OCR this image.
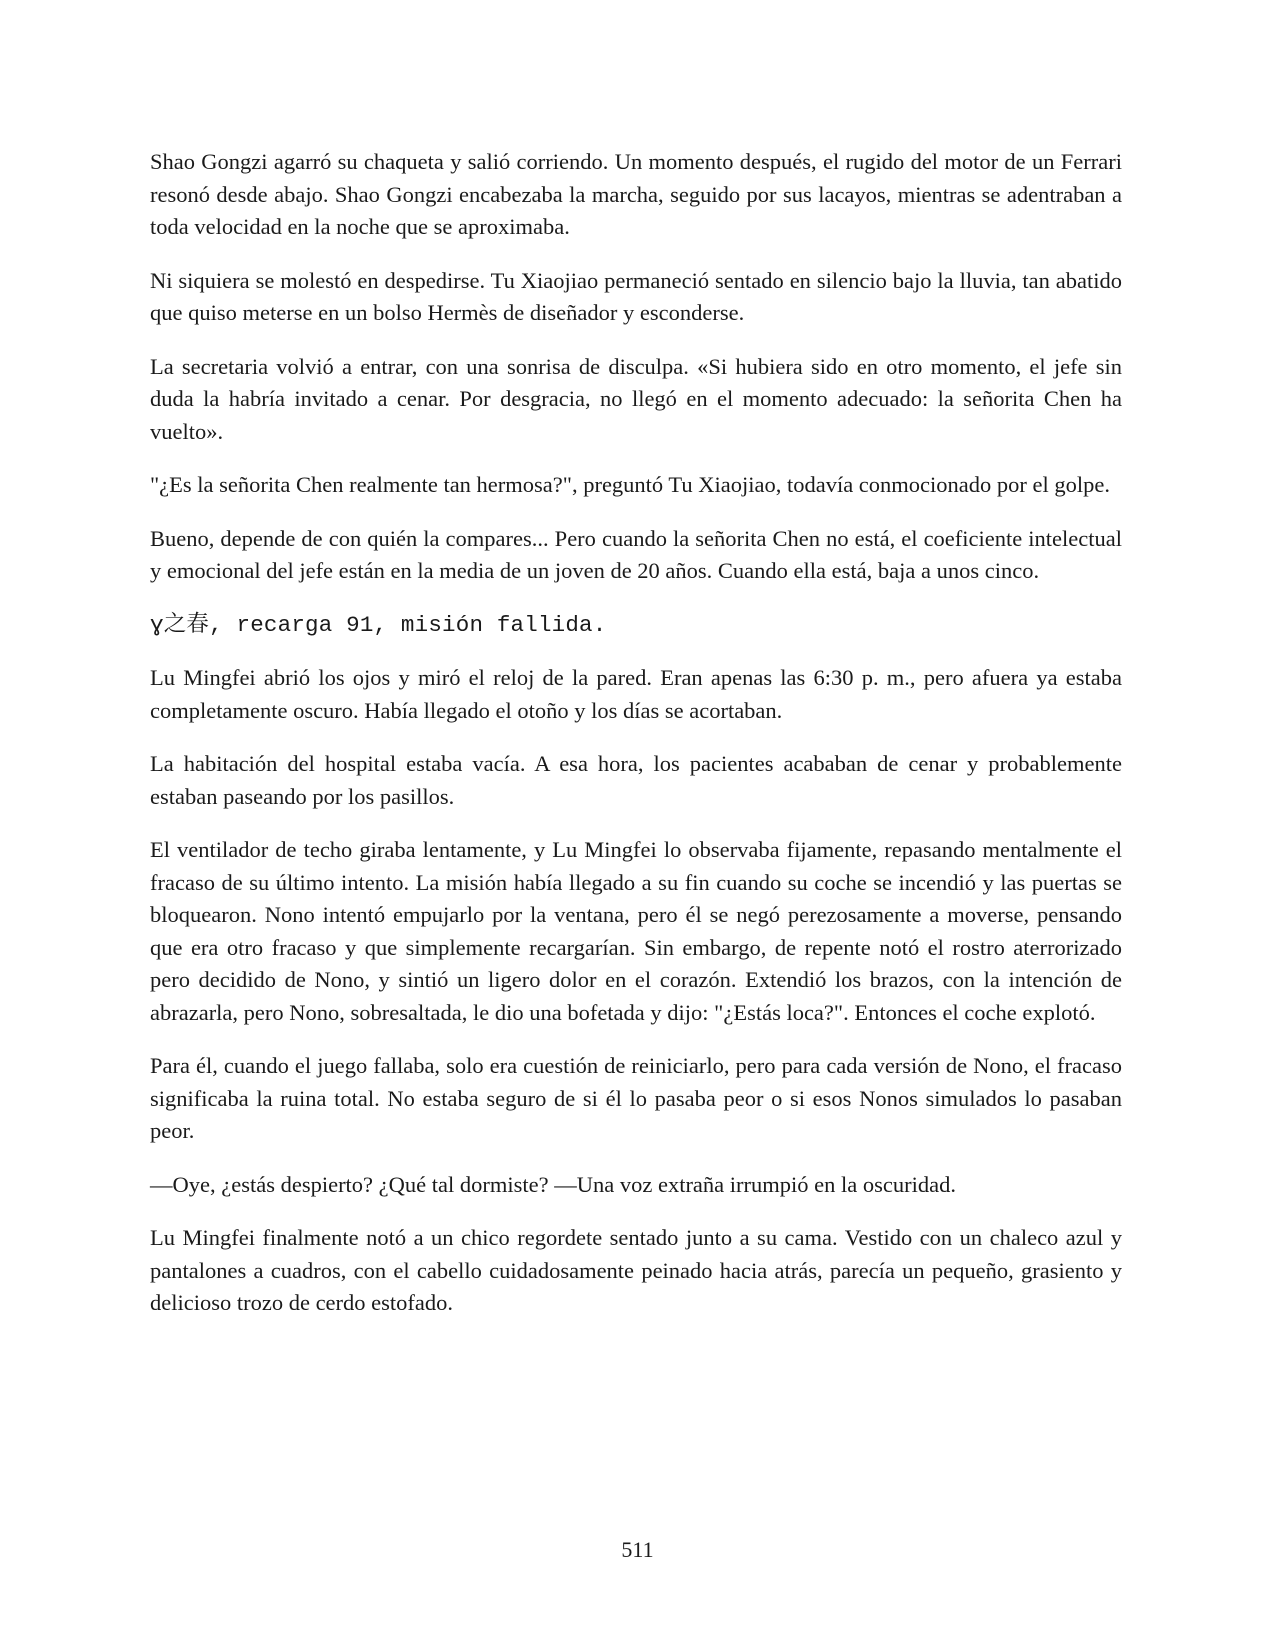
Shao Gongzi agarró su chaqueta y salió corriendo. Un momento después, el rugido del motor de un Ferrari resonó desde abajo. Shao Gongzi encabezaba la marcha, seguido por sus lacayos, mientras se adentraban a toda velocidad en la noche que se aproximaba.

Ni siquiera se molestó en despedirse. Tu Xiaojiao permaneció sentado en silencio bajo la lluvia, tan abatido que quiso meterse en un bolso Hermès de diseñador y esconderse.

La secretaria volvió a entrar, con una sonrisa de disculpa. «Si hubiera sido en otro momento, el jefe sin duda la habría invitado a cenar. Por desgracia, no llegó en el momento adecuado: la señorita Chen ha vuelto».

"¿Es la señorita Chen realmente tan hermosa?", preguntó Tu Xiaojiao, todavía conmocionado por el golpe.

Bueno, depende de con quién la compares... Pero cuando la señorita Chen no está, el coeficiente intelectual y emocional del jefe están en la media de un joven de 20 años. Cuando ella está, baja a unos cinco.

ɣ之春, recarga 91, misión fallida.

Lu Mingfei abrió los ojos y miró el reloj de la pared. Eran apenas las 6:30 p. m., pero afuera ya estaba completamente oscuro. Había llegado el otoño y los días se acortaban.

La habitación del hospital estaba vacía. A esa hora, los pacientes acababan de cenar y probablemente estaban paseando por los pasillos.

El ventilador de techo giraba lentamente, y Lu Mingfei lo observaba fijamente, repasando mentalmente el fracaso de su último intento. La misión había llegado a su fin cuando su coche se incendió y las puertas se bloquearon. Nono intentó empujarlo por la ventana, pero él se negó perezosamente a moverse, pensando que era otro fracaso y que simplemente recargarían. Sin embargo, de repente notó el rostro aterrorizado pero decidido de Nono, y sintió un ligero dolor en el corazón. Extendió los brazos, con la intención de abrazarla, pero Nono, sobresaltada, le dio una bofetada y dijo: "¿Estás loca?". Entonces el coche explotó.

Para él, cuando el juego fallaba, solo era cuestión de reiniciarlo, pero para cada versión de Nono, el fracaso significaba la ruina total. No estaba seguro de si él lo pasaba peor o si esos Nonos simulados lo pasaban peor.

—Oye, ¿estás despierto? ¿Qué tal dormiste? —Una voz extraña irrumpió en la oscuridad.

Lu Mingfei finalmente notó a un chico regordete sentado junto a su cama. Vestido con un chaleco azul y pantalones a cuadros, con el cabello cuidadosamente peinado hacia atrás, parecía un pequeño, grasiento y delicioso trozo de cerdo estofado.

511
